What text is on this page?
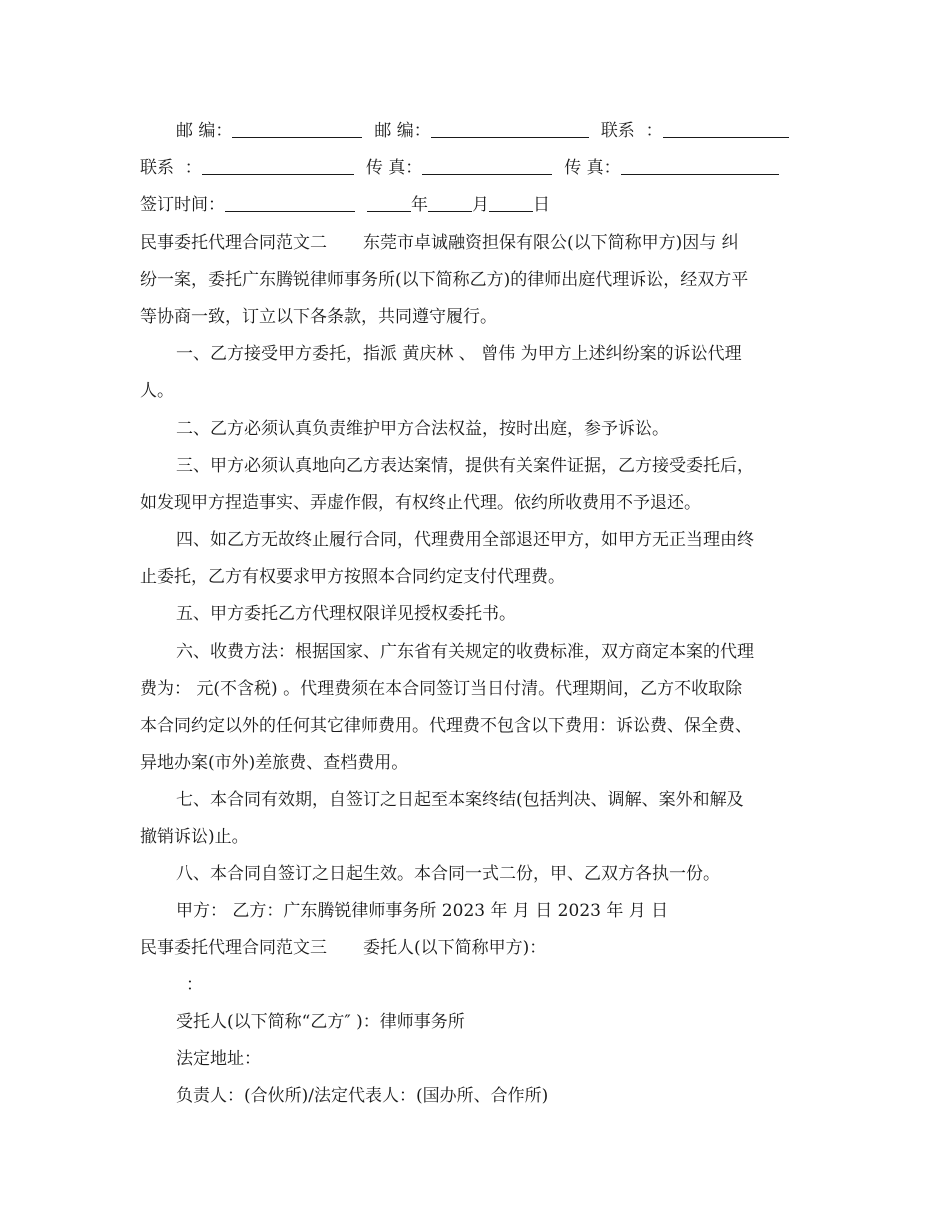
邮 编：	邮 编：	联系  ：
联系  ：	传 真：	传 真：
签订时间：	年	月	日
民事委托代理合同范文二 东莞市卓诚融资担保有限公(以下简称甲方)因与 纠
纷一案，委托广东腾锐律师事务所(以下简称乙方)的律师出庭代理诉讼，经双方平
等协商一致，订立以下各条款，共同遵守履行。
一、乙方接受甲方委托，指派 黄庆林 、 曾伟 为甲方上述纠纷案的诉讼代理
人。
二、乙方必须认真负责维护甲方合法权益，按时出庭，参予诉讼。
三、甲方必须认真地向乙方表达案情，提供有关案件证据，乙方接受委托后，
如发现甲方捏造事实、弄虚作假，有权终止代理。依约所收费用不予退还。
四、如乙方无故终止履行合同，代理费用全部退还甲方，如甲方无正当理由终
止委托，乙方有权要求甲方按照本合同约定支付代理费。
五、甲方委托乙方代理权限详见授权委托书。
六、收费方法：根据国家、广东省有关规定的收费标准，双方商定本案的代理
费为： 元(不含税) 。代理费须在本合同签订当日付清。代理期间，乙方不收取除
本合同约定以外的任何其它律师费用。代理费不包含以下费用：诉讼费、保全费、
异地办案(市外)差旅费、查档费用。
七、本合同有效期，自签订之日起至本案终结(包括判决、调解、案外和解及
撤销诉讼)止。
八、本合同自签订之日起生效。本合同一式二份，甲、乙双方各执一份。
甲方： 乙方：广东腾锐律师事务所 2023 年 月 日 2023 年 月 日
民事委托代理合同范文三 委托人(以下简称甲方)：
：
受托人(以下简称“乙方″ )：律师事务所
法定地址：
负责人：(合伙所)/法定代表人：(国办所、合作所)
